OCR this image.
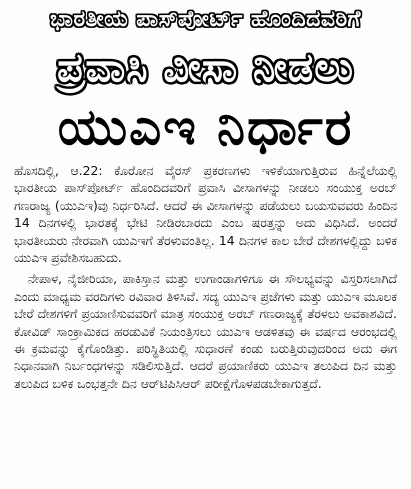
ಭಾರತೀಯ ಪಾಸ್‌ಪೋರ್ಟ್ ಹೊಂದಿದವರಿಗೆ
ಪ್ರವಾಸಿ ವೀಸಾ ನೀಡಲು
ಯುಎಇ ನಿರ್ಧಾರ

ಹೊಸದಿಲ್ಲಿ, ಆ.22: ಕೊರೋನ ವೈರಸ್ ಪ್ರಕರಣಗಳು ಇಳಿಕೆಯಾಗುತ್ತಿರುವ ಹಿನ್ನೆಲೆಯಲ್ಲಿ ಭಾರತೀಯ ಪಾಸ್‌ಪೋರ್ಟ್ ಹೊಂದಿದವರಿಗೆ ಪ್ರವಾಸಿ ವೀಸಾಗಳನ್ನು ನೀಡಲು ಸಂಯುಕ್ತ ಅರಬ್ ಗಣರಾಜ್ಯ (ಯುಎಇ)ವು ನಿರ್ಧರಿಸಿದೆ. ಆದರೆ ಈ ವೀಸಾಗಳನ್ನು ಪಡೆಯಲು ಬಯಸುವವರು ಹಿಂದಿನ 14 ದಿನಗಳಲ್ಲಿ ಭಾರತಕ್ಕೆ ಭೇಟಿ ನೀಡಿರಬಾರದು ಎಂಬ ಷರತ್ತನ್ನು ಅದು ವಿಧಿಸಿದೆ. ಅಂದರೆ ಭಾರತೀಯರು ನೇರವಾಗಿ ಯುಎಇಗೆ ತೆರಳುವಂತಿಲ್ಲ. 14 ದಿನಗಳ ಕಾಲ ಬೇರೆ ದೇಶಗಳಲ್ಲಿದ್ದು ಬಳಿಕ ಯುಎಇ ಪ್ರವೇಶಿಸಬಹುದು.

ನೇಪಾಳ, ನೈಜೀರಿಯಾ, ಪಾಕಿಸ್ತಾನ ಮತ್ತು ಉಗಾಂಡಾಗಳಿಗೂ ಈ ಸೌಲಭ್ಯವನ್ನು ವಿಸ್ತರಿಸಲಾಗಿದೆ ಎಂದು ಮಾಧ್ಯಮ ವರದಿಗಳು ರವಿವಾರ ತಿಳಿಸಿವೆ. ಸದ್ಯ ಯುಎಇ ಪ್ರಜೆಗಳು ಮತ್ತು ಯುಎಇ ಮೂಲಕ ಬೇರೆ ದೇಶಗಳಿಗೆ ಪ್ರಯಾಣಿಸುವವರಿಗೆ ಮಾತ್ರ ಸಂಯುಕ್ತ ಅರಬ್ ಗಣರಾಜ್ಯಕ್ಕೆ ತೆರಳಲು ಅವಕಾಶವಿದೆ. ಕೋವಿಡ್ ಸಾಂಕ್ರಾಮಿಕದ ಹರಡುವಿಕೆ ನಿಯಂತ್ರಿಸಲು ಯುಎಇ ಆಡಳಿತವು ಈ ವರ್ಷದ ಆರಂಭದಲ್ಲಿ ಈ ಕ್ರಮವನ್ನು ಕೈಗೊಂಡಿತ್ತು. ಪರಿಸ್ಥಿತಿಯಲ್ಲಿ ಸುಧಾರಣೆ ಕಂಡು ಬರುತ್ತಿರುವುದರಿಂದ ಅದು ಈಗ ನಿಧಾನವಾಗಿ ನಿರ್ಬಂಧಗಳನ್ನು ಸಡಿಲಿಸುತ್ತಿದೆ. ಆದರೆ ಪ್ರಯಾಣಿಕರು ಯುಎಇ ತಲುಪಿದ ದಿನ ಮತ್ತು ತಲುಪಿದ ಬಳಿಕ ಒಂಭತ್ತನೇ ದಿನ ಆರ್‌ಟಿಪಿಸಿಆರ್ ಪರೀಕ್ಷೆಗೊಳಪಡಬೇಕಾಗುತ್ತದೆ.
